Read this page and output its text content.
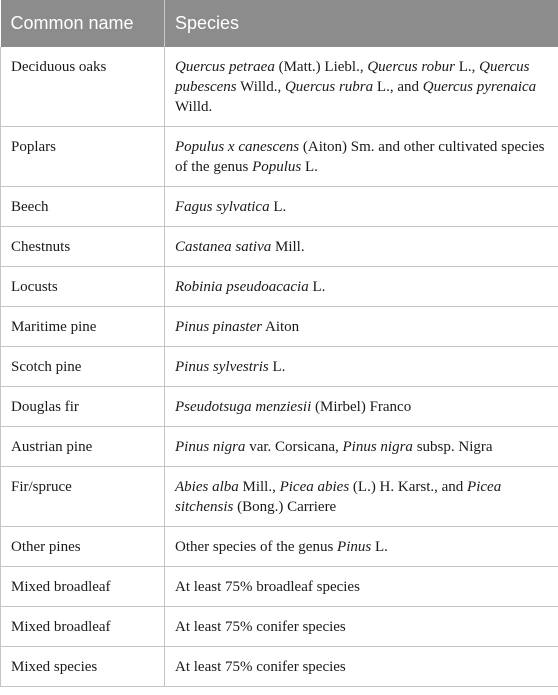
Common name	Species
Deciduous oaks	Quercus petraea (Matt.) Liebl., Quercus robur L., Quercus pubescens Willd., Quercus rubra L., and Quercus pyrenaica Willd.
Poplars	Populus x canescens (Aiton) Sm. and other cultivated species of the genus Populus L.
Beech	Fagus sylvatica L.
Chestnuts	Castanea sativa Mill.
Locusts	Robinia pseudoacacia L.
Maritime pine	Pinus pinaster Aiton
Scotch pine	Pinus sylvestris L.
Douglas fir	Pseudotsuga menziesii (Mirbel) Franco
Austrian pine	Pinus nigra var. Corsicana, Pinus nigra subsp. Nigra
Fir/spruce	Abies alba Mill., Picea abies (L.) H. Karst., and Picea sitchensis (Bong.) Carriere
Other pines	Other species of the genus Pinus L.
Mixed broadleaf	At least 75% broadleaf species
Mixed broadleaf	At least 75% conifer species
Mixed species	At least 75% conifer species
